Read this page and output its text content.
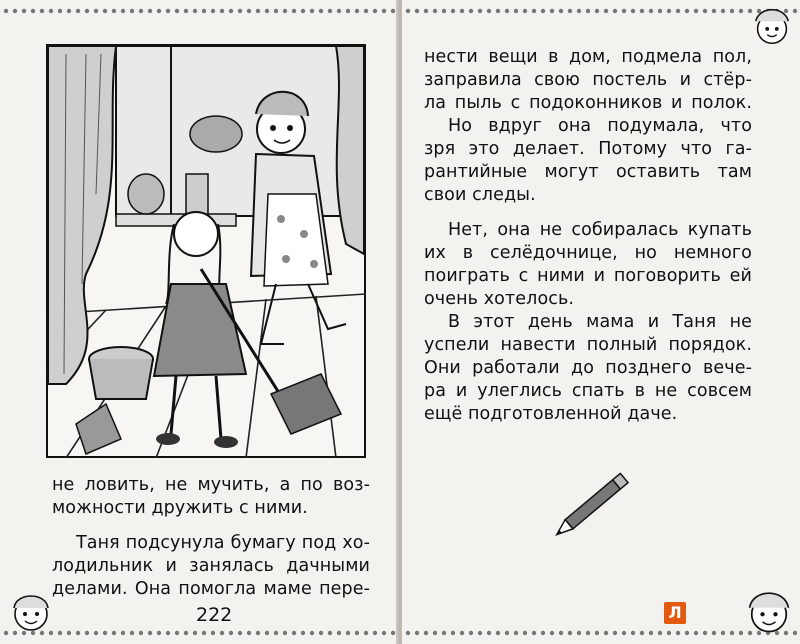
не ловить, не мучить, а по воз-
можности дружить с ними.
Таня подсунула бумагу под хо-
лодильник и занялась дачными
делами. Она помогла маме пере-
222
нести вещи в дом, подмела пол,
заправила свою постель и стёр-
ла пыль с подоконников и полок.
Но вдруг она подумала, что
зря это делает. Потому что га-
рантийные могут оставить там
свои следы.
Нет, она не собиралась купать
их в селёдочнице, но немного
поиграть с ними и поговорить ей
очень хотелось.
В этот день мама и Таня не
успели навести полный порядок.
Они работали до позднего вече-
ра и улеглись спать в не совсем
ещё подготовленной даче.
Л
